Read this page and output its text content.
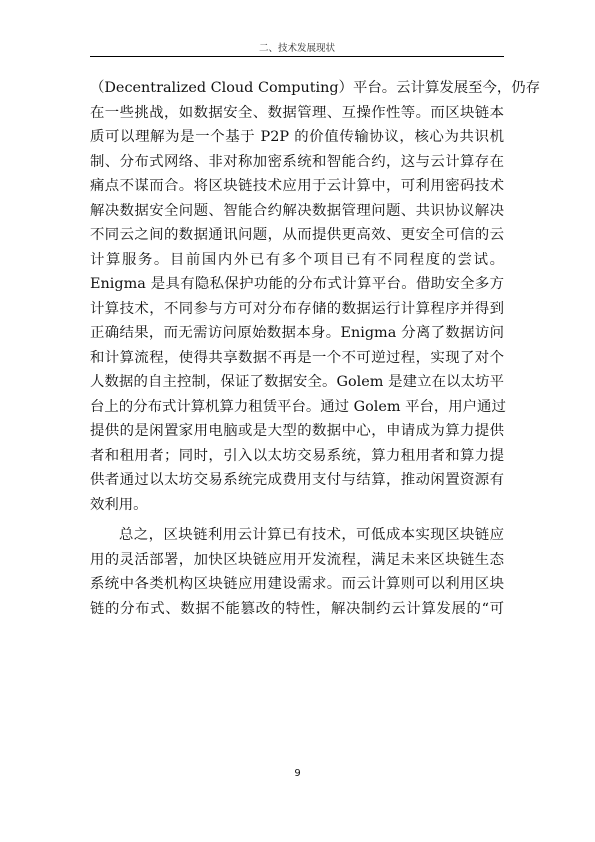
二、技术发展现状
（Decentralized Cloud Computing）平台。云计算发展至今，仍存
在一些挑战，如数据安全、数据管理、互操作性等。而区块链本
质可以理解为是一个基于 P2P 的价值传输协议，核心为共识机
制、分布式网络、非对称加密系统和智能合约，这与云计算存在
痛点不谋而合。将区块链技术应用于云计算中，可利用密码技术
解决数据安全问题、智能合约解决数据管理问题、共识协议解决
不同云之间的数据通讯问题，从而提供更高效、更安全可信的云
计算服务。目前国内外已有多个项目已有不同程度的尝试。
Enigma 是具有隐私保护功能的分布式计算平台。借助安全多方
计算技术，不同参与方可对分布存储的数据运行计算程序并得到
正确结果，而无需访问原始数据本身。Enigma 分离了数据访问
和计算流程，使得共享数据不再是一个不可逆过程，实现了对个
人数据的自主控制，保证了数据安全。Golem 是建立在以太坊平
台上的分布式计算机算力租赁平台。通过 Golem 平台，用户通过
提供的是闲置家用电脑或是大型的数据中心，申请成为算力提供
者和租用者；同时，引入以太坊交易系统，算力租用者和算力提
供者通过以太坊交易系统完成费用支付与结算，推动闲置资源有
效利用。
总之，区块链利用云计算已有技术，可低成本实现区块链应
用的灵活部署，加快区块链应用开发流程，满足未来区块链生态
系统中各类机构区块链应用建设需求。而云计算则可以利用区块
链的分布式、数据不能篡改的特性，解决制约云计算发展的“可
9
